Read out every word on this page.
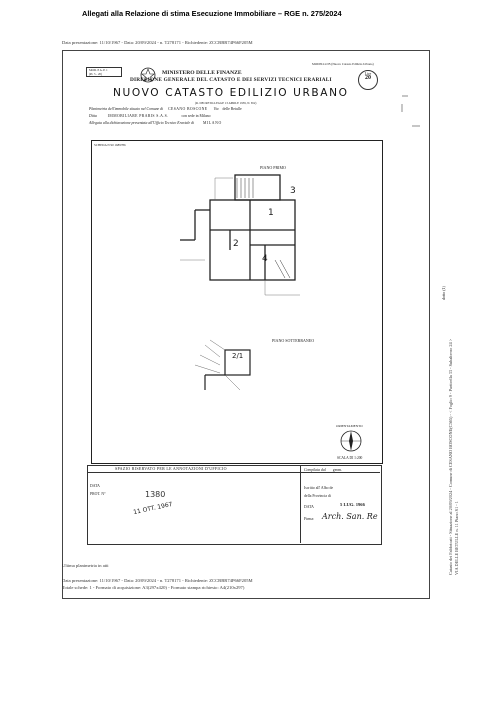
Allegati alla Relazione di stima Esecuzione Immobiliare – RGE n. 275/2024
Data presentazione: 11/10/1967 - Data: 20/09/2024 - n. T278171 - Richiedente: ZCCBBR74P66F205M
MOD. 8 A. P. 1
(Pr. 5 - 20)
MODELLO B (Nuovo Catasto Edilizio Urbano)
MINISTERO DELLE FINANZE
DIREZIONE GENERALE DEL CATASTO E DEI SERVIZI TECNICI ERARIALI
NUOVO CATASTO EDILIZIO URBANO
Lire
20
(R. DECRETO-LEGGE 13 APRILE 1939, N. 652)
Planimetria dell'immobile situato nel Comune di CESANO BOSCONE Via delle Betulle
Ditta	IMMOBILIARE PRARIS S.A.S.	con sede in Milano
Allegata alla dichiarazione presentata all'Ufficio Tecnico Erariale di MILANO
SCHEDA N 90 1689786
PIANO PRIMO
1
3
2
4
PIANO SOTTERRANEO
2/1
ORIENTAMENTO
SCALA DI 1:200
SPAZIO RISERVATO PER LE ANNOTAZIONI D'UFFICIO
DATA
PROT. N°	1380
11 OTT. 1967
Compilata dal geom.
Iscritto all' Albo de
della Provincia di
DATA	5 LUG. 1966
Firma: Arch. San. Re
Ultima planimetria in atti
Data presentazione: 11/10/1967 - Data: 20/09/2024 - n. T278171 - Richiedente: ZCCBBR74P66F205M
Totale schede: 1 - Formato di acquisizione: A3(297x420) - Formato stampa richiesto: A4(210x297)
Catasto dei Fabbricati - Situazione al 20/09/2024 - Comune di CESANO BOSCONE(C565) - < Foglio 9 - Particella 33 - Subalterno 24 > VIA DELLE BETULLE n. 11 Piano S1 - 1
dotto (1)
